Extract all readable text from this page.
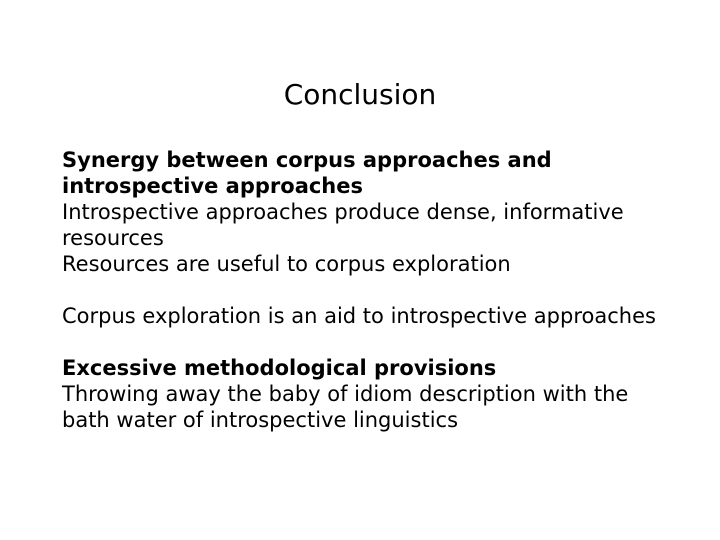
Conclusion
Synergy between corpus approaches and
introspective approaches
Introspective approaches produce dense, informative
resources
Resources are useful to corpus exploration
Corpus exploration is an aid to introspective approaches
Excessive methodological provisions
Throwing away the baby of idiom description with the
bath water of introspective linguistics
